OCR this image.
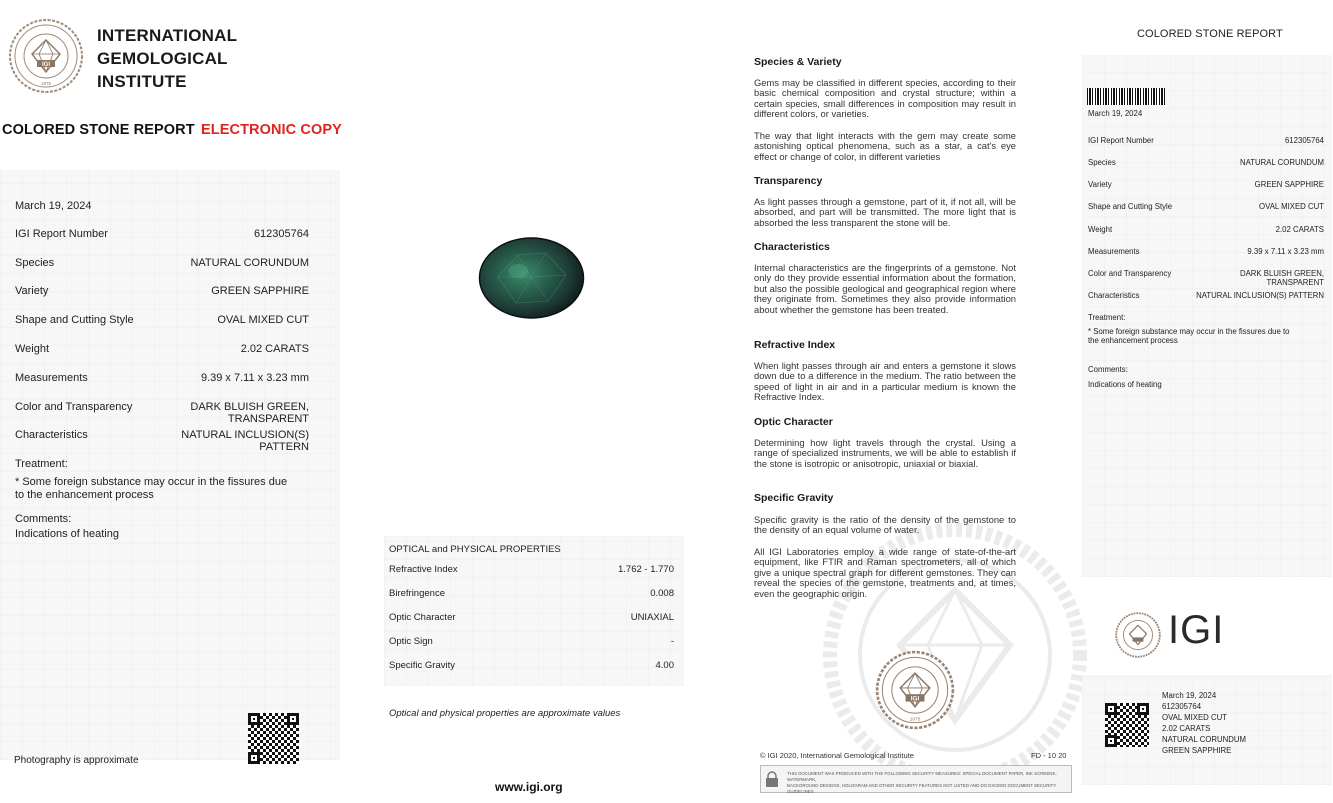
IGI
1975
INTERNATIONAL
GEMOLOGICAL
INSTITUTE
COLORED STONE REPORT ELECTRONIC COPY
March 19, 2024
IGI Report Number	612305764
Species	NATURAL CORUNDUM
Variety	GREEN SAPPHIRE
Shape and Cutting Style	OVAL MIXED CUT
Weight	2.02 CARATS
Measurements	9.39 x 7.11 x 3.23 mm
Color and Transparency	DARK BLUISH GREEN,
TRANSPARENT
Characteristics	NATURAL INCLUSION(S)
PATTERN
Treatment:
* Some foreign substance may occur in the fissures due
to the enhancement process
Comments:
Indications of heating
Photography is approximate
OPTICAL and PHYSICAL PROPERTIES
Refractive Index	1.762 - 1.770
Birefringence	0.008
Optic Character	UNIAXIAL
Optic Sign	-
Specific Gravity	4.00
Optical and physical properties are approximate values
www.igi.org
Species & Variety
Gems may be classified in different species, according to their basic chemical composition and crystal structure; within a certain species, small differences in composition may result in different colors, or varieties.
The way that light interacts with the gem may create some astonishing optical phenomena, such as a star, a cat's eye effect or change of color, in different varieties
Transparency
As light passes through a gemstone, part of it, if not all, will be absorbed, and part will be transmitted. The more light that is absorbed the less transparent the stone will be.
Characteristics
Internal characteristics are the fingerprints of a gemstone. Not only do they provide essential information about the formation, but also the possible geological and geographical region where they originate from. Sometimes they also provide information about whether the gemstone has been treated.
Refractive Index
When light passes through air and enters a gemstone it slows down due to a difference in the medium. The ratio between the speed of light in air and in a particular medium is known the Refractive Index.
Optic Character
Determining how light travels through the crystal. Using a range of specialized instruments, we will be able to establish if the stone is isotropic or anisotropic, uniaxial or biaxial.
Specific Gravity
Specific gravity is the ratio of the density of the gemstone to the density of an equal volume of water.
All IGI Laboratories employ a wide range of state-of-the-art equipment, like FTIR and Raman spectrometers, all of which give a unique spectral graph for different gemstones. They can reveal the species of the gemstone, treatments and, at times, even the geographic origin.
IGI
1975
© IGI 2020, International Gemological Institute	FD - 10 20
THIS DOCUMENT WAS PRODUCED WITH THE FOLLOWING SECURITY MEASURES: SPECIAL DOCUMENT PAPER, INK SCREENS, WATERMARK,
BACKGROUND DESIGNS, HOLOGRAM AND OTHER SECURITY FEATURES NOT LISTED AND DO EXCEED DOCUMENT SECURITY GUIDELINES
COLORED STONE REPORT
March 19, 2024
IGI Report Number	612305764
Species	NATURAL CORUNDUM
Variety	GREEN SAPPHIRE
Shape and Cutting Style	OVAL MIXED CUT
Weight	2.02 CARATS
Measurements	9.39 x 7.11 x 3.23 mm
Color and Transparency	DARK BLUISH GREEN,
TRANSPARENT
Characteristics	NATURAL INCLUSION(S) PATTERN
Treatment:
* Some foreign substance may occur in the fissures due to
the enhancement process
Comments:
Indications of heating
IGI
March 19, 2024
612305764
OVAL MIXED CUT
2.02 CARATS
NATURAL CORUNDUM
GREEN SAPPHIRE
